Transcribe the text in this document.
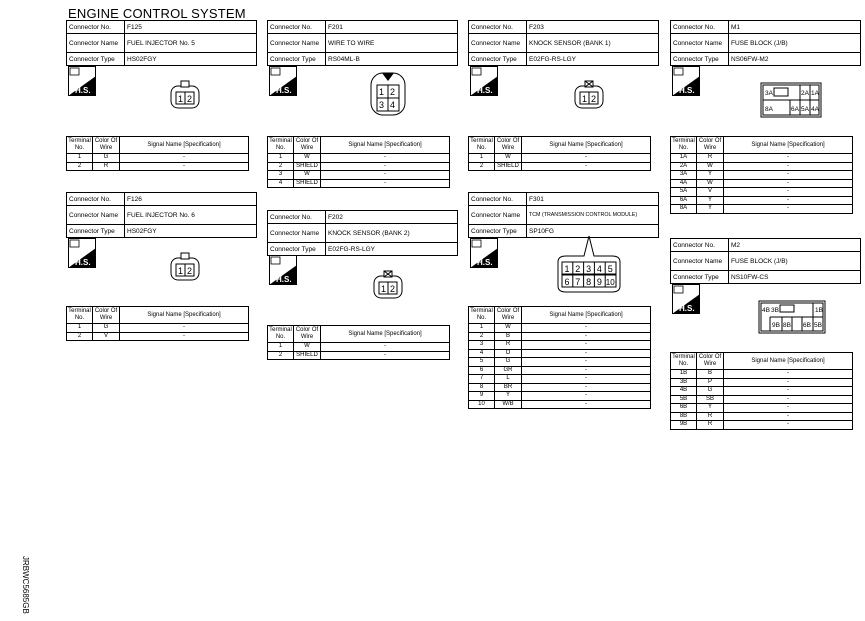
ENGINE CONTROL SYSTEM
JRBWC5685GB
Connector No.	F125
Connector Name	FUEL INJECTOR No. 5
Connector Type	HS02FGY
H.S.
1 2
Terminal No.	Color Of Wire	Signal Name [Specification]
1	G	-
2	R	-
Connector No.	F126
Connector Name	FUEL INJECTOR No. 6
Connector Type	HS02FGY
H.S.
1 2
Terminal No.	Color Of Wire	Signal Name [Specification]
1	G	-
2	V	-
Connector No.	F201
Connector Name	WIRE TO WIRE
Connector Type	RS04ML-B
H.S.	1 2
3 4
Terminal No.	Color Of Wire	Signal Name [Specification]
1	W	-
2	SHIELD	-
3	W	-
4	SHIELD	-
Connector No.	F202
Connector Name	KNOCK SENSOR (BANK 2)
Connector Type	E02FG-RS-LGY
H.S.
1 2
Terminal No.	Color Of Wire	Signal Name [Specification]
1	W	-
2	SHIELD	-
Connector No.	F203
Connector Name	KNOCK SENSOR (BANK 1)
Connector Type	E02FG-RS-LGY
H.S.
1 2
Terminal No.	Color Of Wire	Signal Name [Specification]
1	W	-
2	SHIELD	-
Connector No.	F301
Connector Name	TCM (TRANSMISSION CONTROL MODULE)
Connector Type	SP10FG
H.S.
1 2 3 4 5
6 7 8 9 10
Terminal No.	Color Of Wire	Signal Name [Specification]
1	W	-
2	B	-
3	R	-
4	O	-
5	G	-
6	GR	-
7	L	-
8	BR	-
9	Y	-
10	W/B	-
Connector No.	M1
Connector Name	FUSE BLOCK (J/B)
Connector Type	NS06FW-M2
H.S.	3A	2A 1A
8A	6A 5A 4A
Terminal No.	Color Of Wire	Signal Name [Specification]
1A	R	-
2A	W	-
3A	Y	-
4A	W	-
5A	V	-
6A	Y	-
8A	Y	-
Connector No.	M2
Connector Name	FUSE BLOCK (J/B)
Connector Type	NS10FW-CS
H.S.	4B 3B	1B
9B 8B 6B 5B
Terminal No.	Color Of Wire	Signal Name [Specification]
1B	B	-
3B	P	-
4B	G	-
5B	SB	-
6B	Y	-
8B	R	-
9B	R	-
